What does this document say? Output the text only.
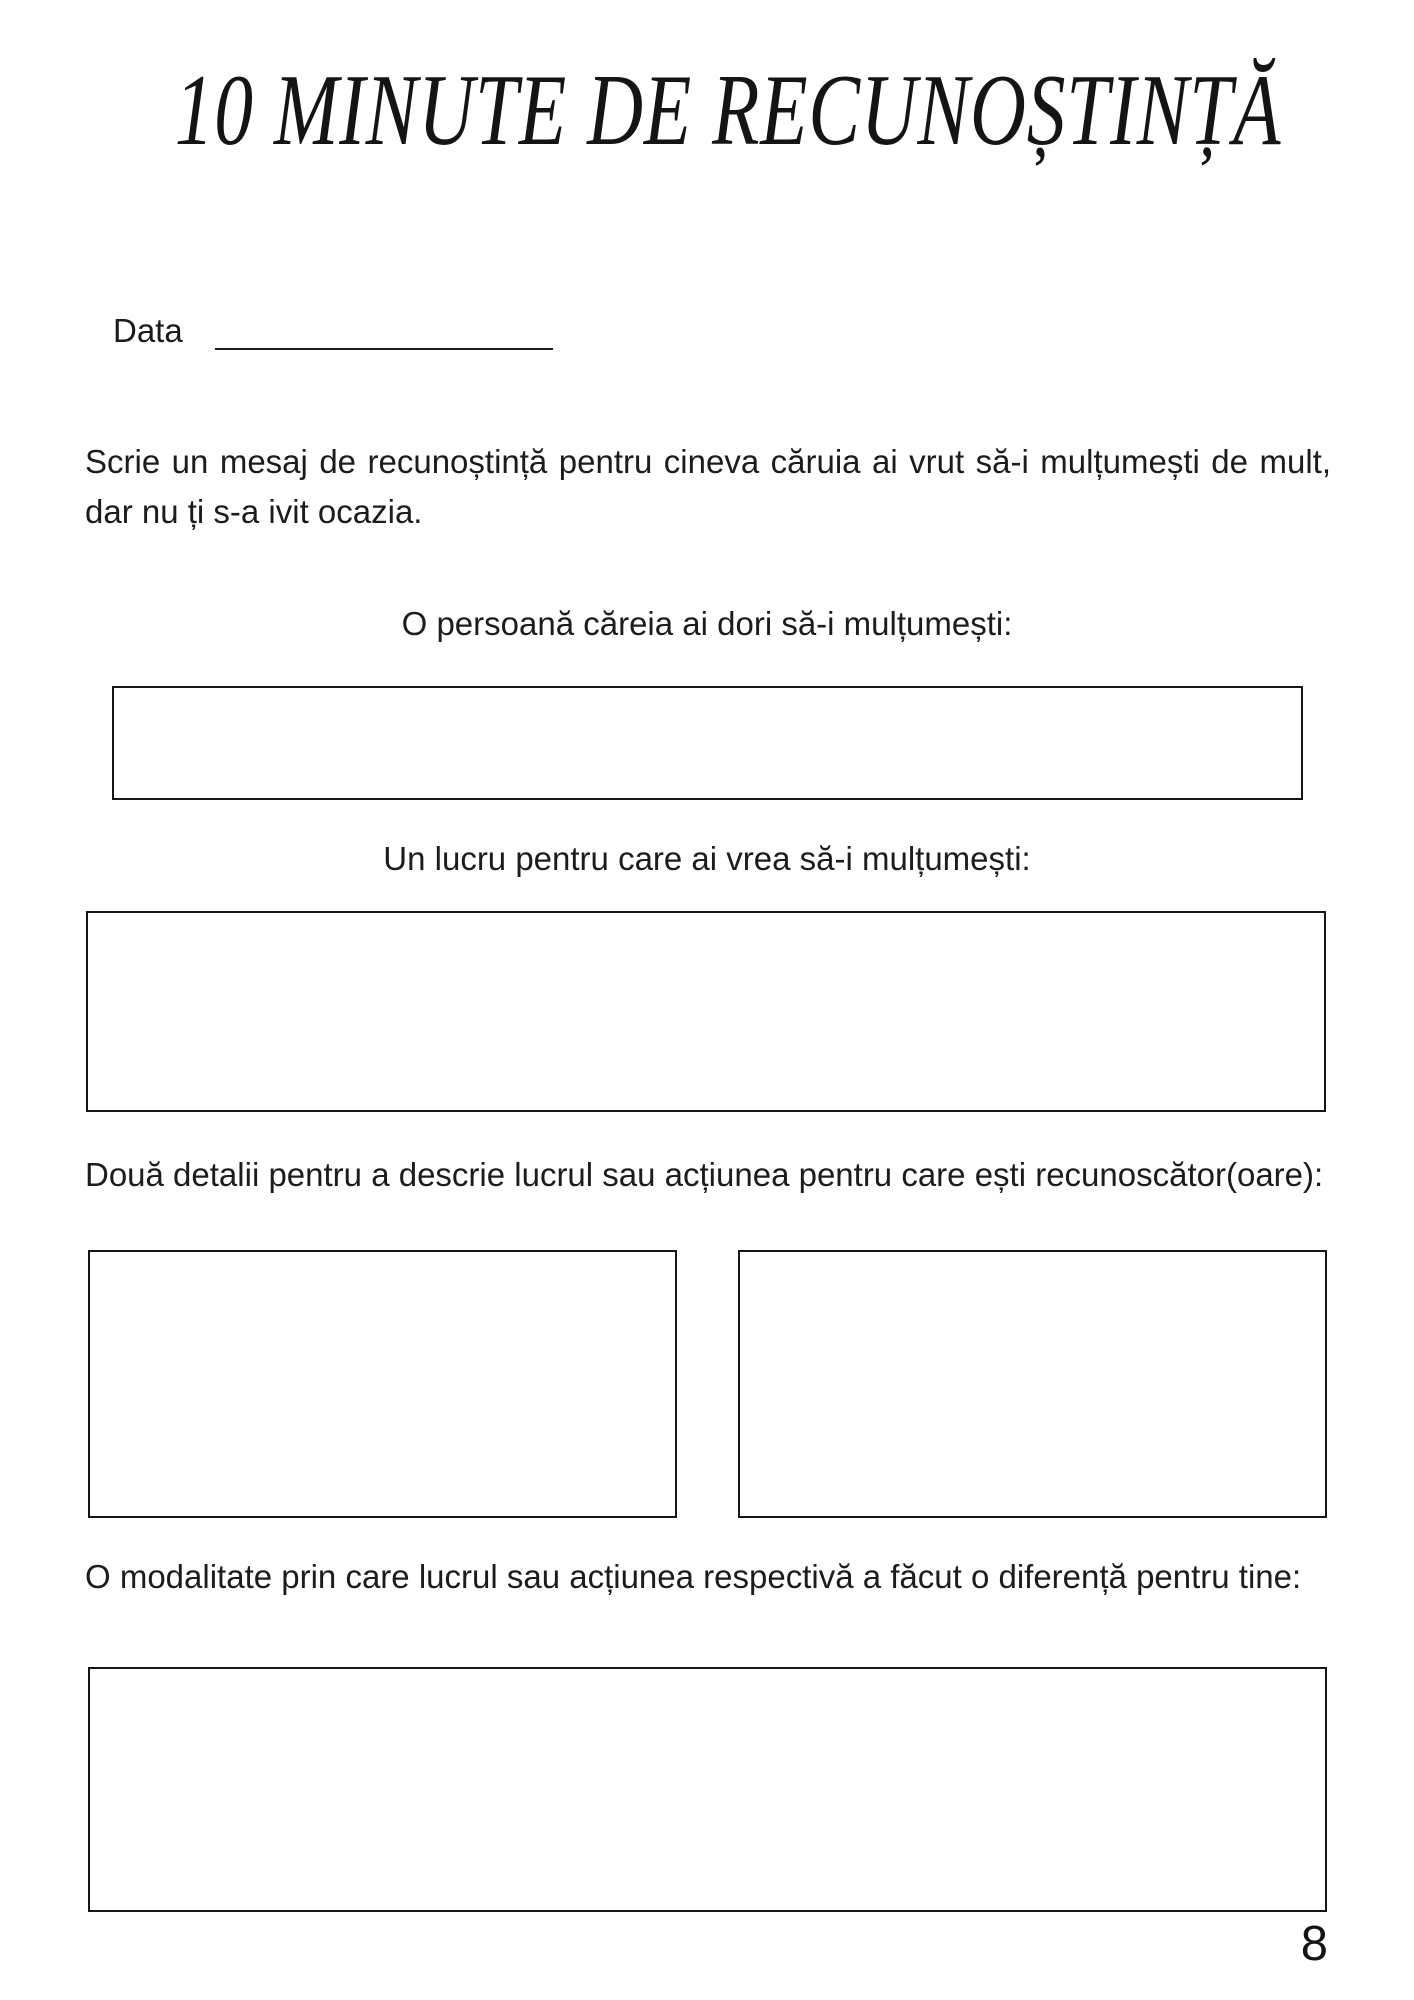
10 MINUTE DE RECUNOȘTINȚĂ
Data

Scrie un mesaj de recunoștință pentru cineva căruia ai vrut să-i mulțumești de mult, dar nu ți s-a ivit ocazia.

O persoană căreia ai dori să-i mulțumești:
Un lucru pentru care ai vrea să-i mulțumești:

Două detalii pentru a descrie lucrul sau acțiunea pentru care ești recunoscător(oare):

O modalitate prin care lucrul sau acțiunea respectivă a făcut o diferență pentru tine:

8
